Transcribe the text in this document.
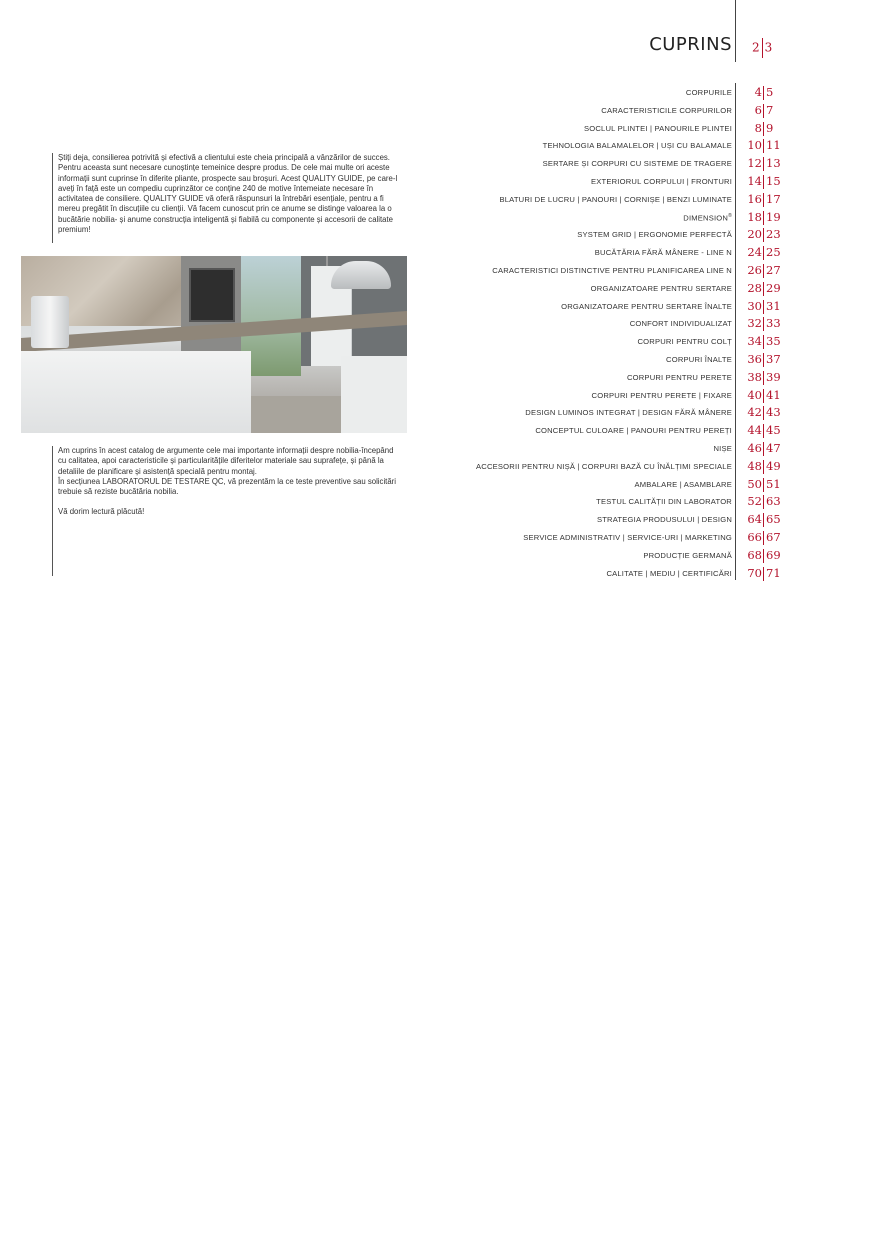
CUPRINS 2 3

Știți deja, consilierea potrivită și efectivă a clientului este cheia principală a vânzărilor de succes. Pentru aceasta sunt necesare cunoștințe temeinice despre produs. De cele mai multe ori aceste informații sunt cuprinse în diferite pliante, prospecte sau broșuri. Acest QUALITY GUIDE, pe care-l aveți în față este un compediu cuprinzător ce conține 240 de motive întemeiate necesare în activitatea de consiliere. QUALITY GUIDE vă oferă răspunsuri la întrebări esențiale, pentru a fi mereu pregătit în discuțiile cu clienții. Vă facem cunoscut prin ce anume se distinge valoarea la o bucătărie nobilia- și anume construcția inteligentă și fiabilă cu componente și accesorii de calitate premium!

Am cuprins în acest catalog de argumente cele mai importante informații despre nobilia-începând cu calitatea, apoi caracteristicile și particularitățile diferitelor materiale sau suprafețe, și până la detaliile de planificare și asistență specială pentru montaj.

În secțiunea LABORATORUL DE TESTARE QC, vă prezentăm la ce teste preventive sau solicitări trebuie să reziste bucătăria nobilia.

Vă dorim lectură plăcută!

CORPURILE	4 5
CARACTERISTICILE CORPURILOR	6 7
SOCLUL PLINTEI | PANOURILE PLINTEI	8 9
TEHNOLOGIA BALAMALELOR | UȘI CU BALAMALE	10 11
SERTARE ȘI CORPURI CU SISTEME DE TRAGERE	12 13
EXTERIORUL CORPULUI | FRONTURI	14 15
BLATURI DE LUCRU | PANOURI | CORNIȘE | BENZI LUMINATE	16 17
DIMENSION®	18 19
SYSTEM GRID | ERGONOMIE PERFECTĂ	20 23
BUCĂTĂRIA FĂRĂ MÂNERE - LINE N	24 25
CARACTERISTICI DISTINCTIVE PENTRU PLANIFICAREA LINE N	26 27
ORGANIZATOARE PENTRU SERTARE	28 29
ORGANIZATOARE PENTRU SERTARE ÎNALTE	30 31
CONFORT INDIVIDUALIZAT	32 33
CORPURI PENTRU COLȚ	34 35
CORPURI ÎNALTE	36 37
CORPURI PENTRU PERETE	38 39
CORPURI PENTRU PERETE | FIXARE	40 41
DESIGN LUMINOS INTEGRAT | DESIGN FĂRĂ MÂNERE	42 43
CONCEPTUL CULOARE | PANOURI PENTRU PEREȚI	44 45
NIȘE	46 47
ACCESORII PENTRU NIȘĂ | CORPURI BAZĂ CU ÎNĂLȚIMI SPECIALE	48 49
AMBALARE | ASAMBLARE	50 51
TESTUL CALITĂȚII DIN LABORATOR	52 63
STRATEGIA PRODUSULUI | DESIGN	64 65
SERVICE ADMINISTRATIV | SERVICE-URI | MARKETING	66 67
PRODUCȚIE GERMANĂ	68 69
CALITATE | MEDIU | CERTIFICĂRI	70 71
